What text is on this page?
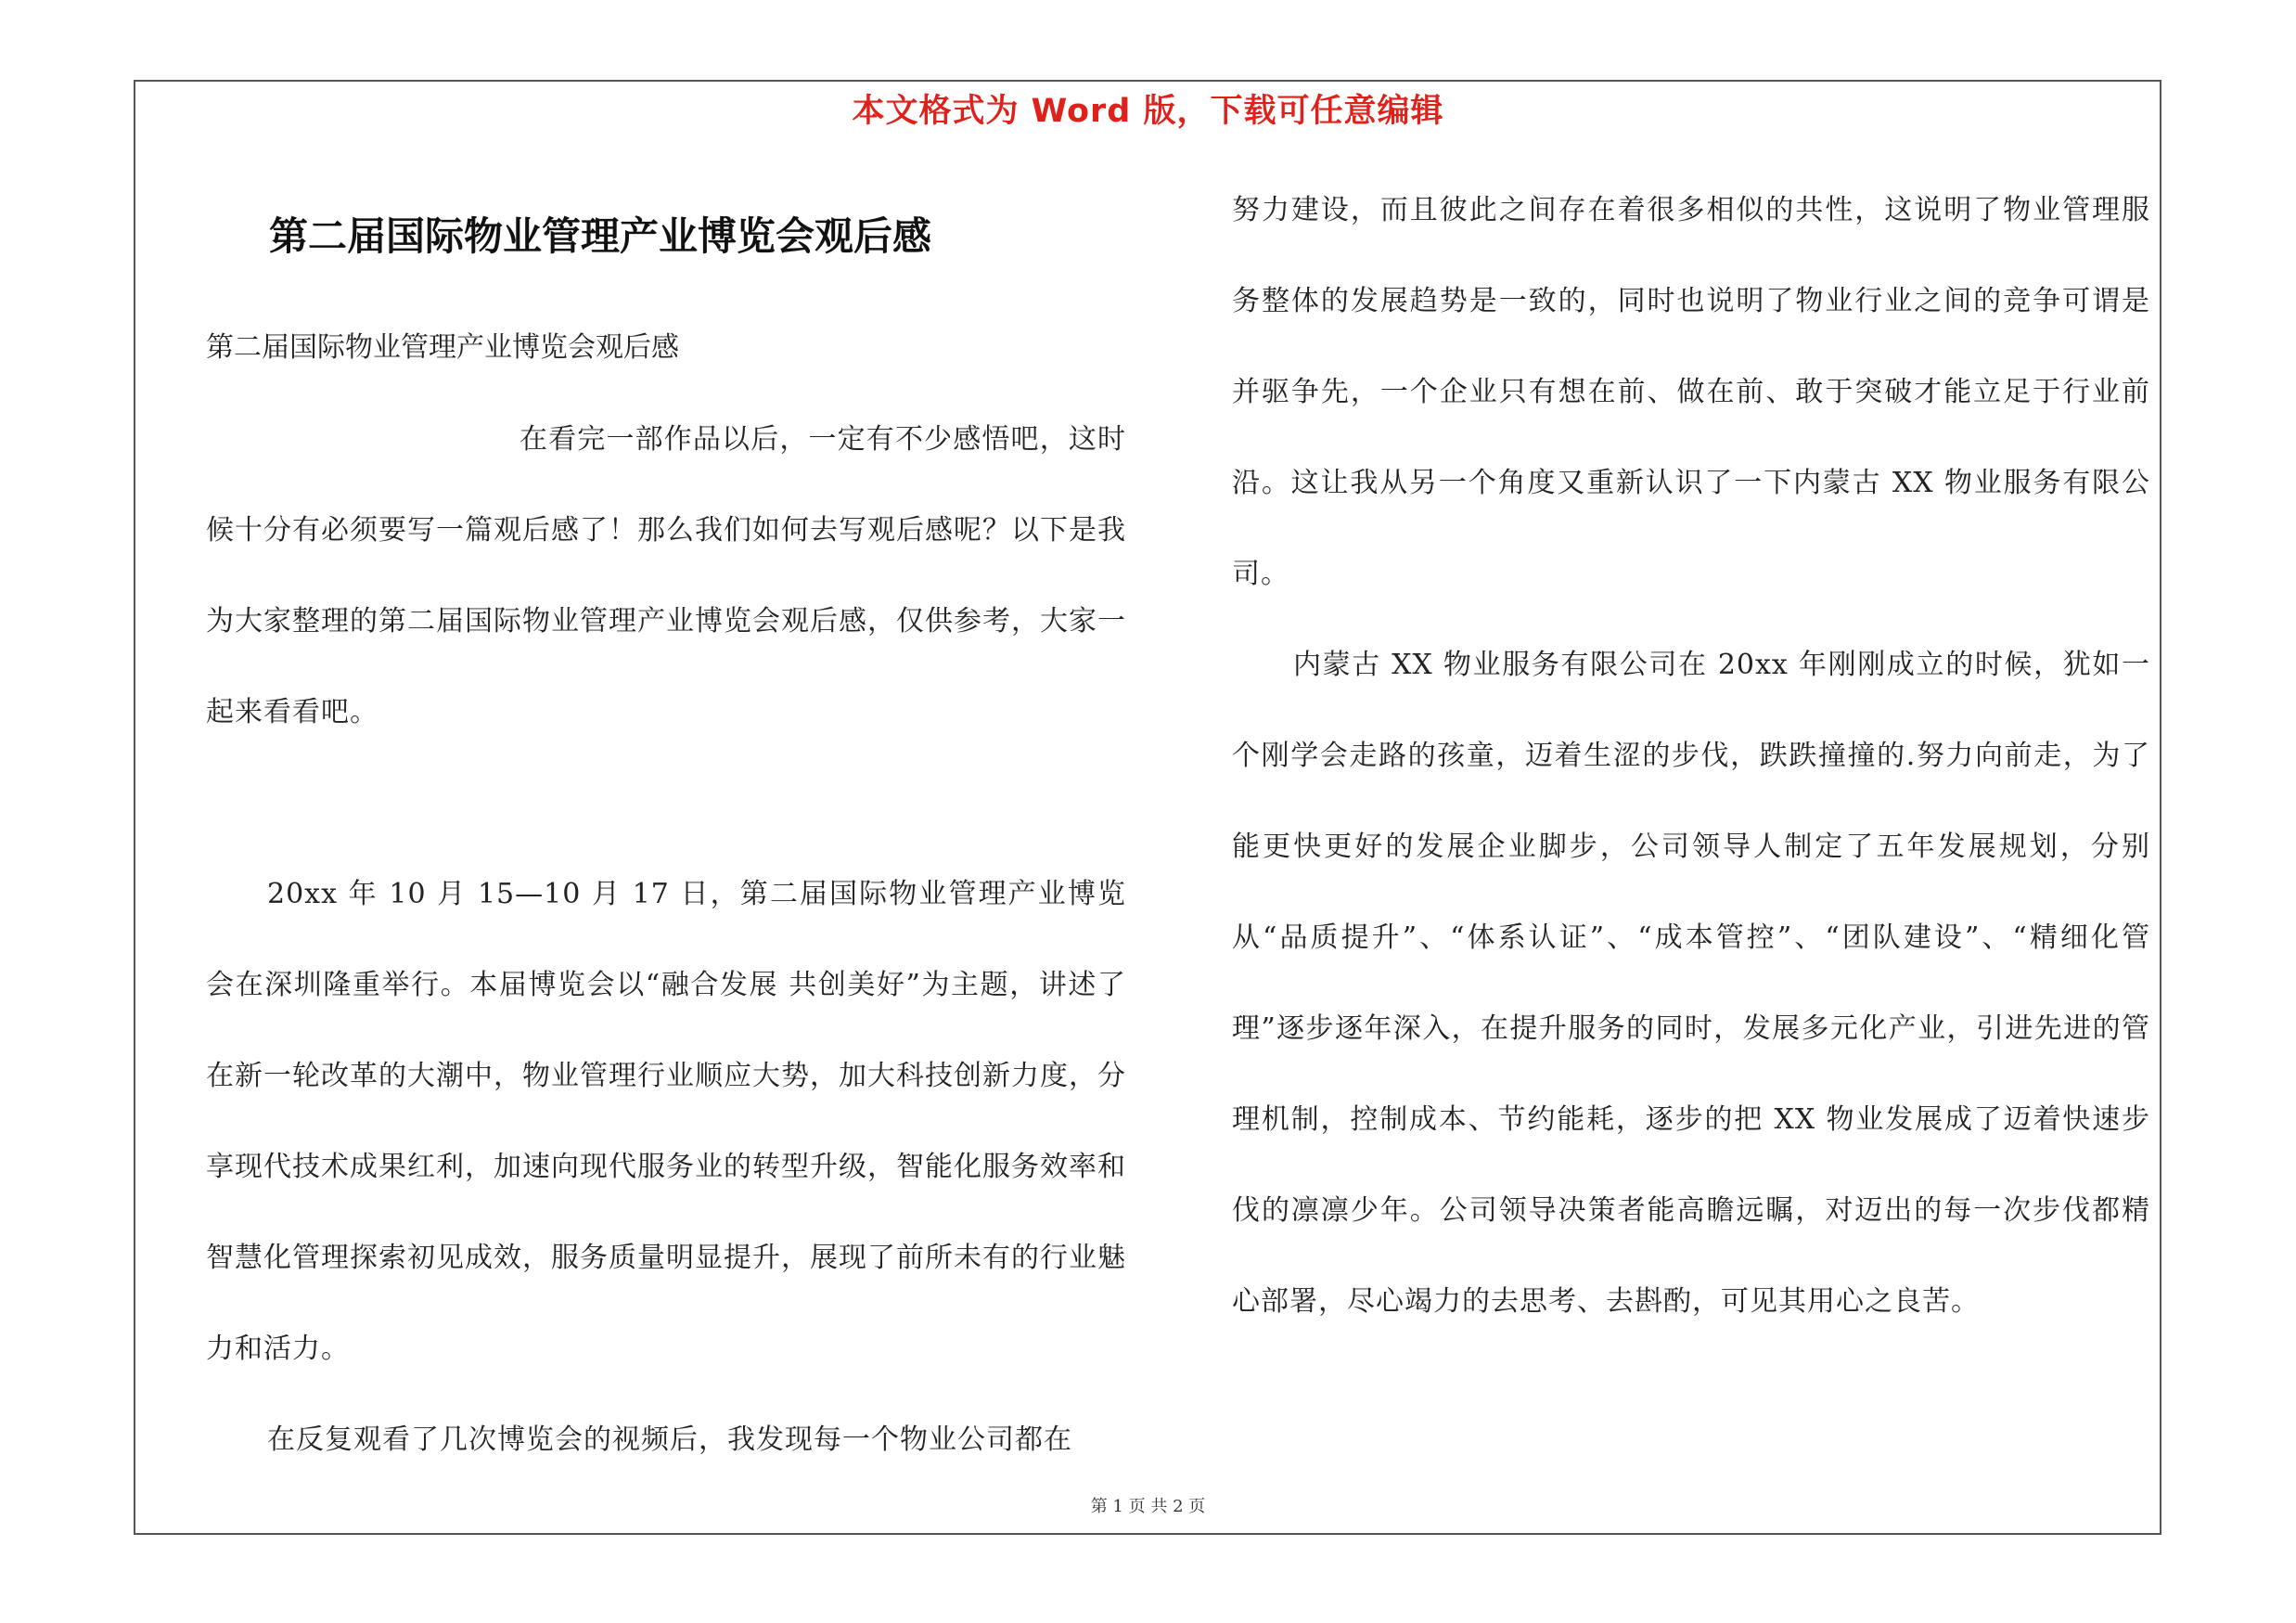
本文格式为 Word 版，下载可任意编辑
第二届国际物业管理产业博览会观后感
第二届国际物业管理产业博览会观后感

在看完一部作品以后，一定有不少感悟吧，这时候十分有必须要写一篇观后感了！那么我们如何去写观后感呢？以下是我为大家整理的第二届国际物业管理产业博览会观后感，仅供参考，大家一起来看看吧。

20xx 年 10 月 15—10 月 17 日，第二届国际物业管理产业博览会在深圳隆重举行。本届博览会以“融合发展 共创美好”为主题，讲述了在新一轮改革的大潮中，物业管理行业顺应大势，加大科技创新力度，分享现代技术成果红利，加速向现代服务业的转型升级，智能化服务效率和智慧化管理探索初见成效，服务质量明显提升，展现了前所未有的行业魅力和活力。

在反复观看了几次博览会的视频后，我发现每一个物业公司都在

努力建设，而且彼此之间存在着很多相似的共性，这说明了物业管理服务整体的发展趋势是一致的，同时也说明了物业行业之间的竞争可谓是并驱争先，一个企业只有想在前、做在前、敢于突破才能立足于行业前沿。这让我从另一个角度又重新认识了一下内蒙古 XX 物业服务有限公司。

内蒙古 XX 物业服务有限公司在 20xx 年刚刚成立的时候，犹如一个刚学会走路的孩童，迈着生涩的步伐，跌跌撞撞的.努力向前走，为了能更快更好的发展企业脚步，公司领导人制定了五年发展规划，分别从“品质提升”、“体系认证”、“成本管控”、“团队建设”、“精细化管理”逐步逐年深入，在提升服务的同时，发展多元化产业，引进先进的管理机制，控制成本、节约能耗，逐步的把 XX 物业发展成了迈着快速步伐的凛凛少年。公司领导决策者能高瞻远瞩，对迈出的每一次步伐都精心部署，尽心竭力的去思考、去斟酌，可见其用心之良苦。

第 1 页 共 2 页
